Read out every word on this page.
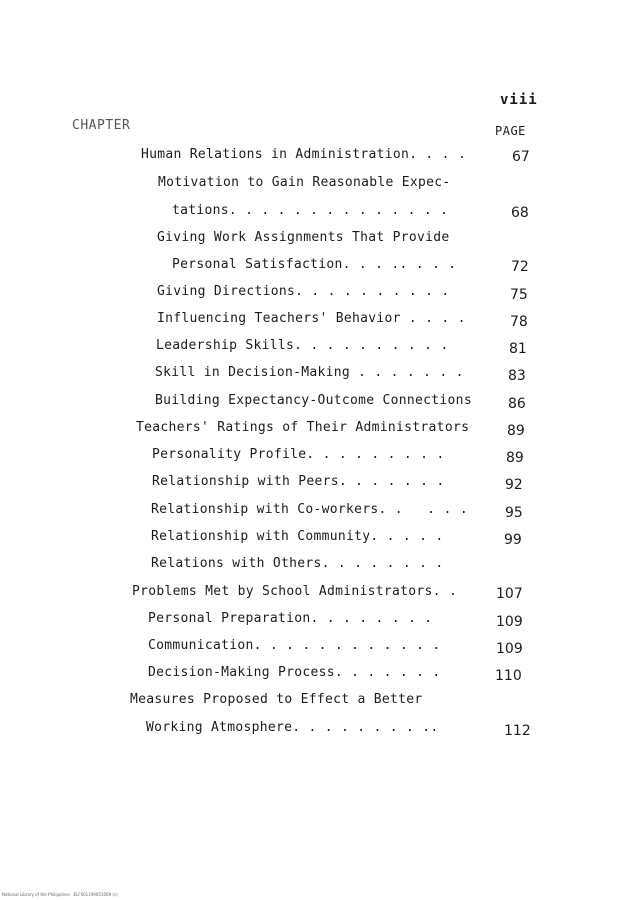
viii
CHAPTER	PAGE
Human Relations in Administration. . . .	67
Motivation to Gain Reasonable Expec-
tations. . . . . . . . . . . . . .	68
Giving Work Assignments That Provide
Personal Satisfaction. . . .. . . .	72
Giving Directions. . . . . . . . . .	75
Influencing Teachers' Behavior . . . .	78
Leadership Skills. . . . . . . . . .	81
Skill in Decision-Making . . . . . . .	83
Building Expectancy-Outcome Connections	86
Teachers' Ratings of Their Administrators	89
Personality Profile. . . . . . . . .	89
Relationship with Peers. . . . . . .	92
Relationship with Co-workers. .   . . .	95
Relationship with Community. . . . .	99
Relations with Others. . . . . . . .
Problems Met by School Administrators. .	107
Personal Preparation. . . . . . . .	109
Communication. . . . . . . . . . . .	109
Decision-Making Process. . . . . . .	110
Measures Proposed to Effect a Better
Working Atmosphere. . . . . . . . ..	112
National Library of the Philippines   ELF001199051009 (c)
